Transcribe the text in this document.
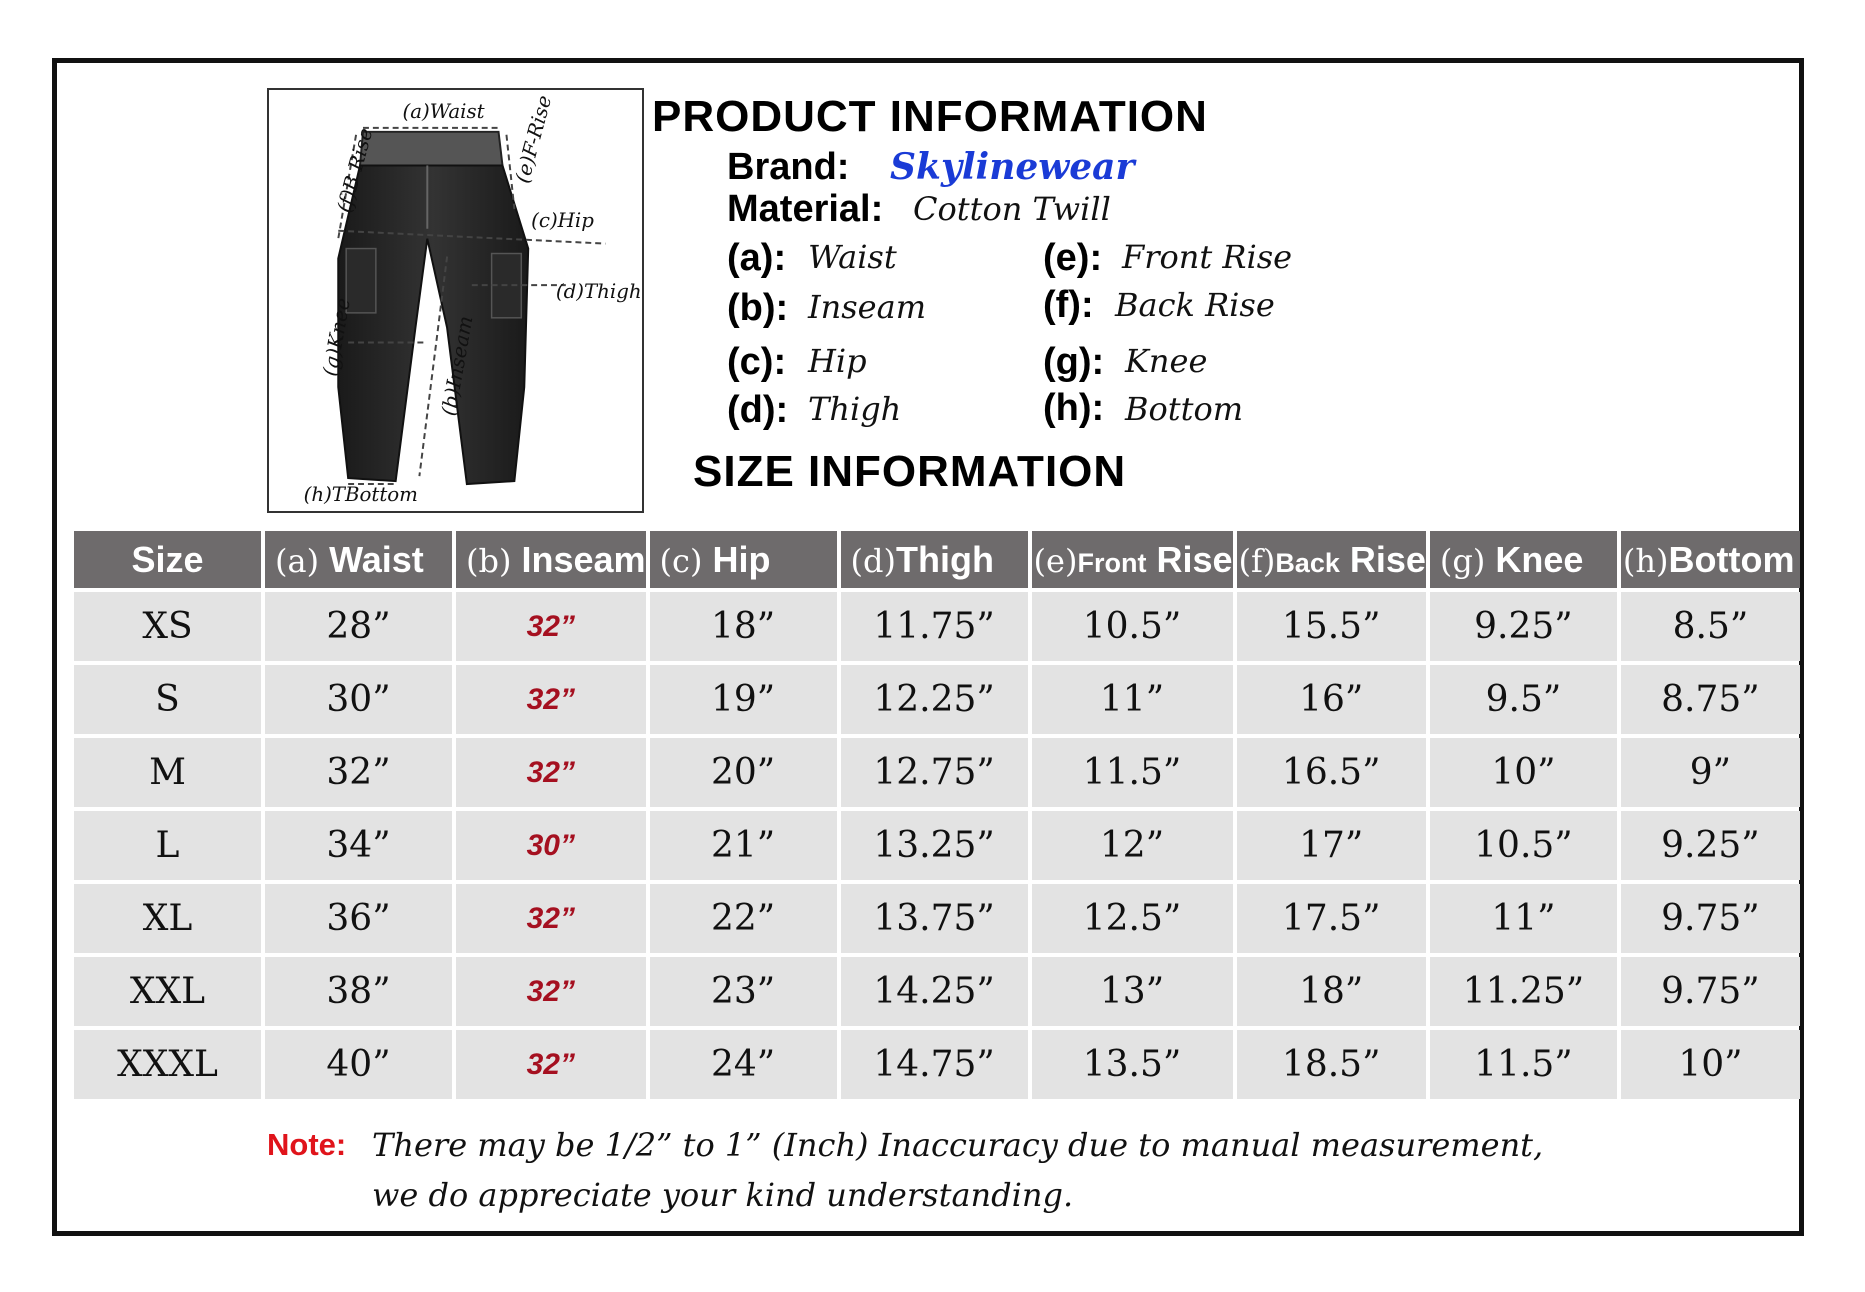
(a)Waist (e)F-Rise
(f)B Rise
(c)Hip
(d)Thigh
(g)Knee	(b)Inseam
(h)TBottom
PRODUCT INFORMATION
Brand: Skylinewear
Material: Cotton Twill
(a): Waist
(b): Inseam
(c): Hip
(d): Thigh
(e): Front Rise
(f): Back Rise
(g): Knee
(h): Bottom
SIZE INFORMATION
Size	(a) Waist	(b) Inseam	(c) Hip	(d)Thigh	(e)Front Rise	(f)Back Rise	(g) Knee	(h)Bottom
XS	28”	32”	18”	11.75”	10.5”	15.5”	9.25”	8.5”
S	30”	32”	19”	12.25”	11”	16”	9.5”	8.75”
M	32”	32”	20”	12.75”	11.5”	16.5”	10”	9”
L	34”	30”	21”	13.25”	12”	17”	10.5”	9.25”
XL	36”	32”	22”	13.75”	12.5”	17.5”	11”	9.75”
XXL	38”	32”	23”	14.25”	13”	18”	11.25”	9.75”
XXXL	40”	32”	24”	14.75”	13.5”	18.5”	11.5”	10”
Note: There may be 1/2” to 1” (Inch) Inaccuracy due to manual measurement,
we do appreciate your kind understanding.
